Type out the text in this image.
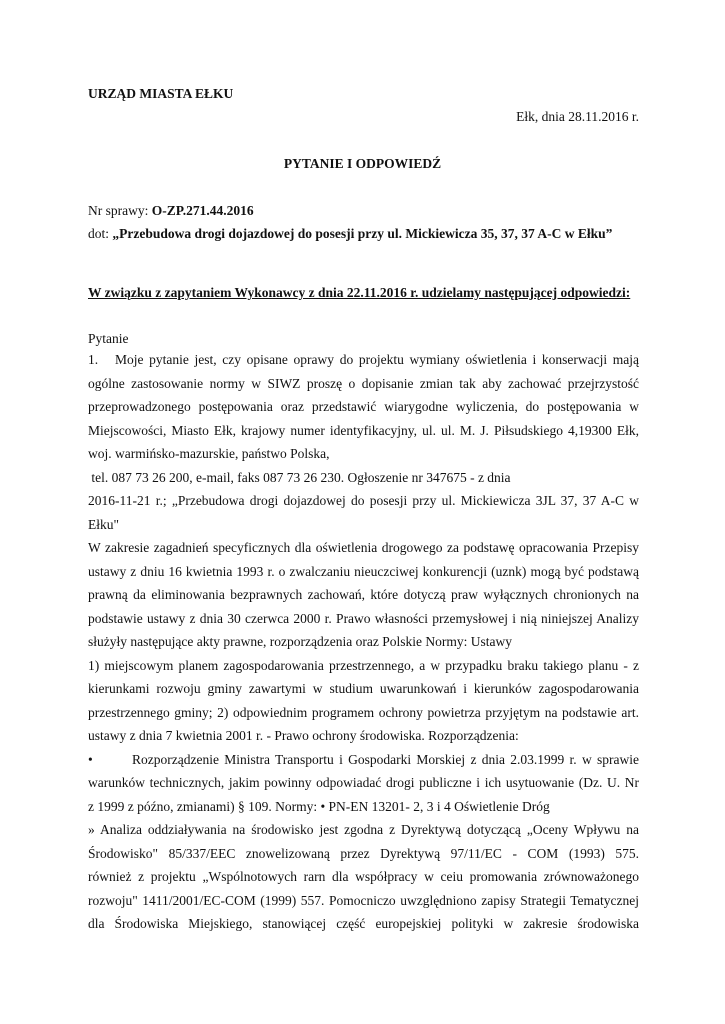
URZĄD MIASTA EŁKU
Ełk, dnia 28.11.2016 r.
PYTANIE I ODPOWIEDŹ
Nr sprawy: O-ZP.271.44.2016
dot: „Przebudowa drogi dojazdowej do posesji przy ul. Mickiewicza 35, 37, 37 A-C w Ełku”
W związku z zapytaniem Wykonawcy z dnia 22.11.2016 r. udzielamy następującej odpowiedzi:
Pytanie
1. Moje pytanie jest, czy opisane oprawy do projektu wymiany oświetlenia i konserwacji mają
ogólne zastosowanie normy w SIWZ proszę o dopisanie zmian tak aby zachować przejrzystość
przeprowadzonego postępowania oraz przedstawić wiarygodne wyliczenia, do postępowania w
Miejscowości, Miasto Ełk, krajowy numer identyfikacyjny, ul. ul. M. J. Piłsudskiego 4,19300 Ełk,
woj. warmińsko-mazurskie, państwo Polska,
tel. 087 73 26 200, e-mail, faks 087 73 26 230. Ogłoszenie nr 347675 - z dnia
2016-11-21 r.; „Przebudowa drogi dojazdowej do posesji przy ul. Mickiewicza 3JL 37, 37 A-C w
Ełku"
W zakresie zagadnień specyficznych dla oświetlenia drogowego za podstawę opracowania Przepisy
ustawy z dniu 16 kwietnia 1993 r. o zwalczaniu nieuczciwej konkurencji (uznk) mogą być podstawą
prawną da eliminowania bezprawnych zachowań, które dotyczą praw wyłącznych chronionych na
podstawie ustawy z dnia 30 czerwca 2000 r. Prawo własności przemysłowej i nią niniejszej Analizy
służyły następujące akty prawne, rozporządzenia oraz Polskie Normy: Ustawy
1) miejscowym planem zagospodarowania przestrzennego, a w przypadku braku takiego planu - z
kierunkami rozwoju gminy zawartymi w studium uwarunkowań i kierunków zagospodarowania
przestrzennego gminy; 2) odpowiednim programem ochrony powietrza przyjętym na podstawie art.
ustawy z dnia 7 kwietnia 2001 r. - Prawo ochrony środowiska. Rozporządzenia:
•	Rozporządzenie Ministra Transportu i Gospodarki Morskiej z dnia 2.03.1999 r. w sprawie
warunków technicznych, jakim powinny odpowiadać drogi publiczne i ich usytuowanie (Dz. U. Nr
z 1999 z późno, zmianami) § 109. Normy: • PN-EN 13201- 2, 3 i 4 Oświetlenie Dróg
» Analiza oddziaływania na środowisko jest zgodna z Dyrektywą dotyczącą „Oceny Wpływu na
Środowisko" 85/337/EEC znowelizowaną przez Dyrektywą 97/11/EC - COM (1993) 575.
również z projektu „Wspólnotowych rarn dla współpracy w ceiu promowania zrównoważonego
rozwoju" 1411/2001/EC-COM (1999) 557. Pomocniczo uwzględniono zapisy Strategii Tematycznej
dla Środowiska Miejskiego, stanowiącej część europejskiej polityki w zakresie środowiska
